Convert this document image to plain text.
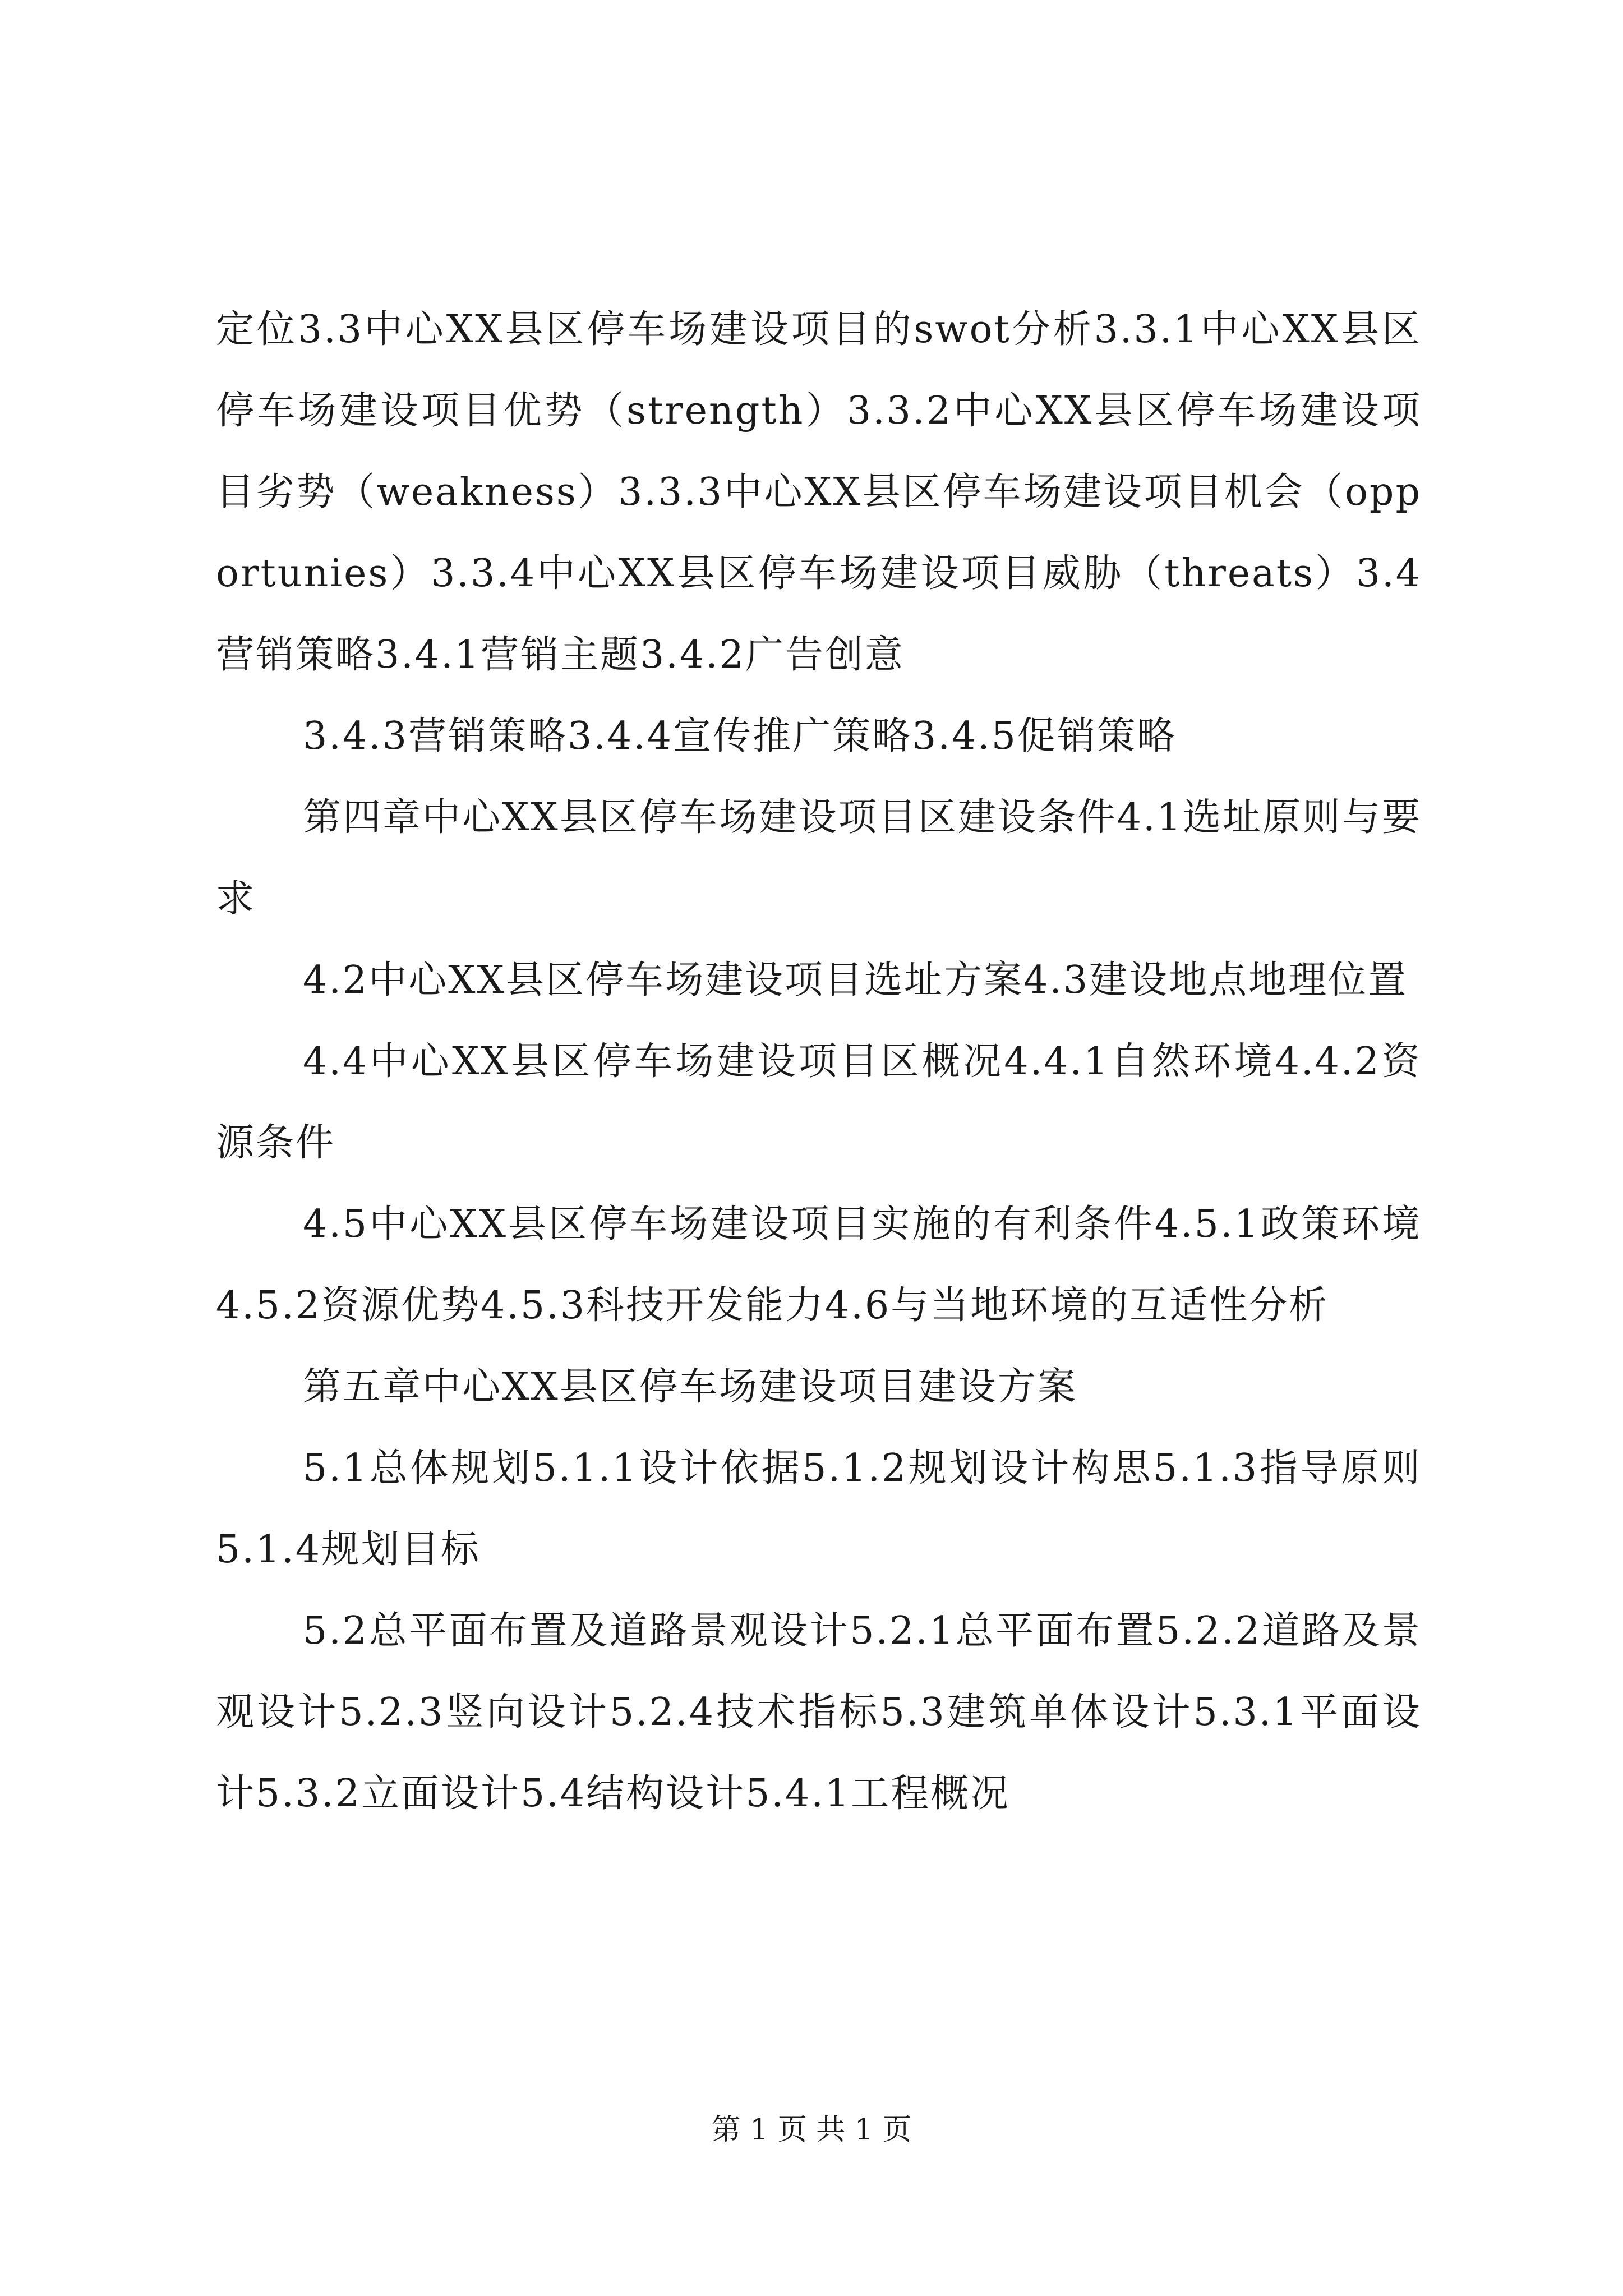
定位3.3中心XX县区停车场建设项目的swot分析3.3.1中心XX县区停车场建设项目优势（strength）3.3.2中心XX县区停车场建设项目劣势（weakness）3.3.3中心XX县区停车场建设项目机会（opportunies）3.3.4中心XX县区停车场建设项目威胁（threats）3.4营销策略3.4.1营销主题3.4.2广告创意

3.4.3营销策略3.4.4宣传推广策略3.4.5促销策略

第四章中心XX县区停车场建设项目区建设条件4.1选址原则与要求

4.2中心XX县区停车场建设项目选址方案4.3建设地点地理位置

4.4中心XX县区停车场建设项目区概况4.4.1自然环境4.4.2资源条件

4.5中心XX县区停车场建设项目实施的有利条件4.5.1政策环境4.5.2资源优势4.5.3科技开发能力4.6与当地环境的互适性分析

第五章中心XX县区停车场建设项目建设方案

5.1总体规划5.1.1设计依据5.1.2规划设计构思5.1.3指导原则5.1.4规划目标

5.2总平面布置及道路景观设计5.2.1总平面布置5.2.2道路及景观设计5.2.3竖向设计5.2.4技术指标5.3建筑单体设计5.3.1平面设计5.3.2立面设计5.4结构设计5.4.1工程概况

第 1 页 共 1 页
